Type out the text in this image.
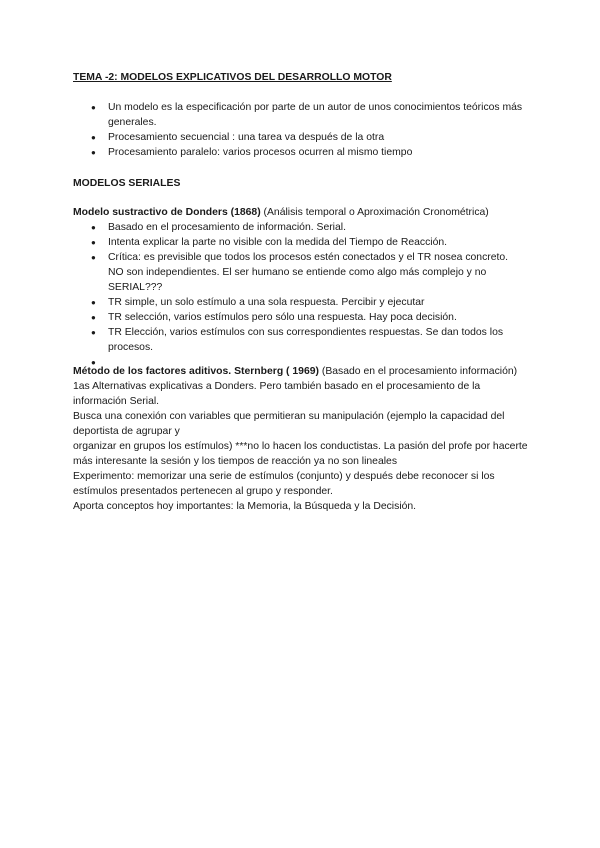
TEMA -2: MODELOS EXPLICATIVOS DEL DESARROLLO MOTOR
● Un modelo es la especificación por parte de un autor de unos conocimientos teóricos más generales.
● Procesamiento secuencial : una tarea va después de la otra
● Procesamiento paralelo: varios procesos ocurren al mismo tiempo
MODELOS SERIALES

Modelo sustractivo de Donders (1868) (Análisis temporal o Aproximación Cronométrica)

● Basado en el procesamiento de información. Serial.
● Intenta explicar la parte no visible con la medida del Tiempo de Reacción.
● Crítica: es previsible que todos los procesos estén conectados y el TR nosea concreto. NO son independientes. El ser humano se entiende como algo más complejo y no SERIAL???
● TR simple, un solo estímulo a una sola respuesta. Percibir y ejecutar
● TR selección, varios estímulos pero sólo una respuesta. Hay poca decisión.
● TR Elección, varios estímulos con sus correspondientes respuestas. Se dan todos los procesos.
●

Método de los factores aditivos. Sternberg ( 1969) (Basado en el procesamiento información)

1as Alternativas explicativas a Donders. Pero también basado en el procesamiento de la información Serial.

Busca una conexión con variables que permitieran su manipulación (ejemplo la capacidad del deportista de agrupar y

organizar en grupos los estímulos) ***no lo hacen los conductistas. La pasión del profe por hacerte más interesante la sesión y los tiempos de reacción ya no son lineales

Experimento: memorizar una serie de estímulos (conjunto) y después debe reconocer si los estímulos presentados pertenecen al grupo y responder.

Aporta conceptos hoy importantes: la Memoria, la Búsqueda y la Decisión.
